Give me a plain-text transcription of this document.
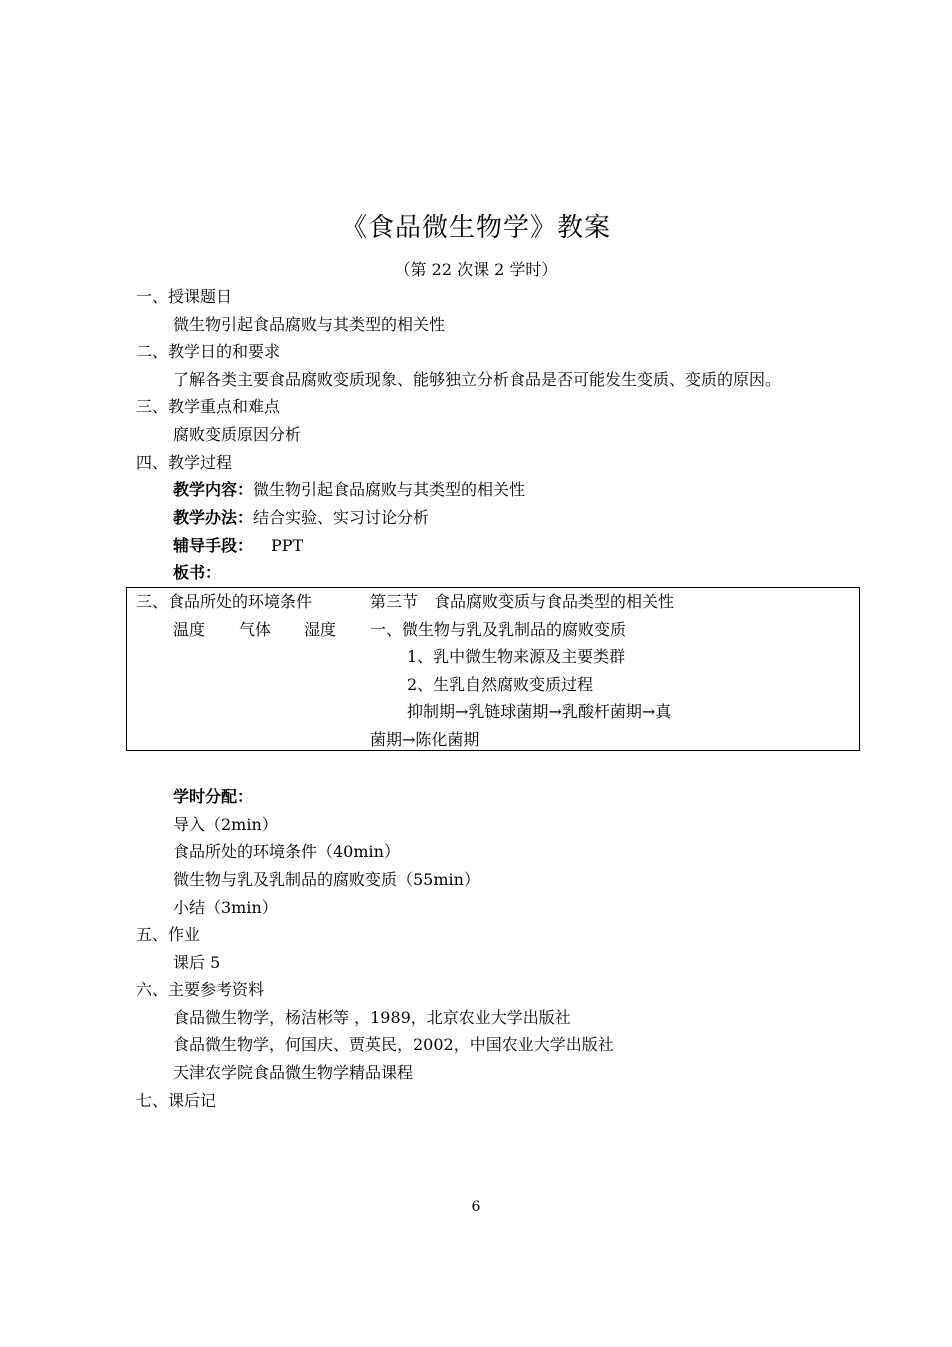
《食品微生物学》教案
（第 22 次课 2 学时）
一、授课题日
微生物引起食品腐败与其类型的相关性
二、教学日的和要求
了解各类主要食品腐败变质现象、能够独立分析食品是否可能发生变质、变质的原因。
三、教学重点和难点
腐败变质原因分析
四、教学过程
教学内容：微生物引起食品腐败与其类型的相关性
教学办法：结合实验、实习讨论分析
辅导手段： PPT
板书：
三、食品所处的环境条件
温度 气体 湿度
第三节　食品腐败变质与食品类型的相关性
一、微生物与乳及乳制品的腐败变质
1、乳中微生物来源及主要类群
2、生乳自然腐败变质过程
抑制期→乳链球菌期→乳酸杆菌期→真
菌期→陈化菌期
学时分配：
导入（2min）
食品所处的环境条件（40min）
微生物与乳及乳制品的腐败变质（55min）
小结（3min）
五、作业
课后 5
六、主要参考资料
食品微生物学，杨洁彬等 ，1989，北京农业大学出版社
食品微生物学，何国庆、贾英民，2002，中国农业大学出版社
天津农学院食品微生物学精品课程
七、课后记
6
